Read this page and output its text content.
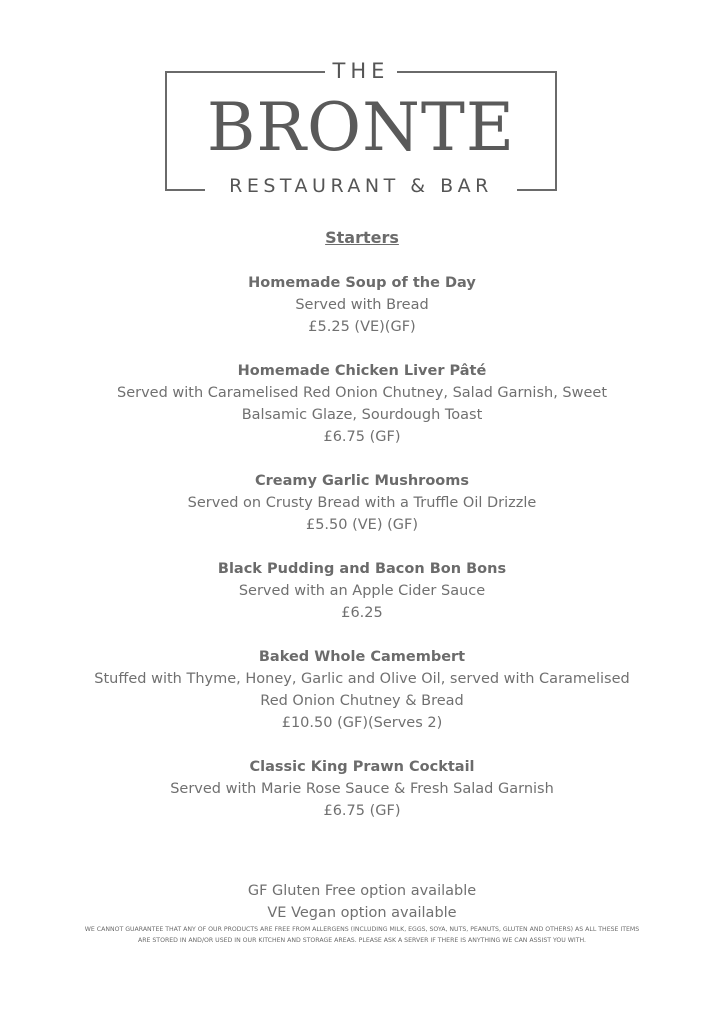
THE
BRONTE
RESTAURANT & BAR
Starters
Homemade Soup of the Day
Served with Bread
£5.25 (VE)(GF)
Homemade Chicken Liver Pâté
Served with Caramelised Red Onion Chutney, Salad Garnish, Sweet Balsamic Glaze, Sourdough Toast
£6.75 (GF)
Creamy Garlic Mushrooms
Served on Crusty Bread with a Truffle Oil Drizzle
£5.50 (VE) (GF)
Black Pudding and Bacon Bon Bons
Served with an Apple Cider Sauce
£6.25
Baked Whole Camembert
Stuffed with Thyme, Honey, Garlic and Olive Oil, served with Caramelised Red Onion Chutney & Bread
£10.50 (GF)(Serves 2)
Classic King Prawn Cocktail
Served with Marie Rose Sauce & Fresh Salad Garnish
£6.75 (GF)
GF Gluten Free option available
VE Vegan option available
WE CANNOT GUARANTEE THAT ANY OF OUR PRODUCTS ARE FREE FROM ALLERGENS (INCLUDING MILK, EGGS, SOYA, NUTS, PEANUTS, GLUTEN AND OTHERS) AS ALL THESE ITEMS ARE STORED IN AND/OR USED IN OUR KITCHEN AND STORAGE AREAS. PLEASE ASK A SERVER IF THERE IS ANYTHING WE CAN ASSIST YOU WITH.
